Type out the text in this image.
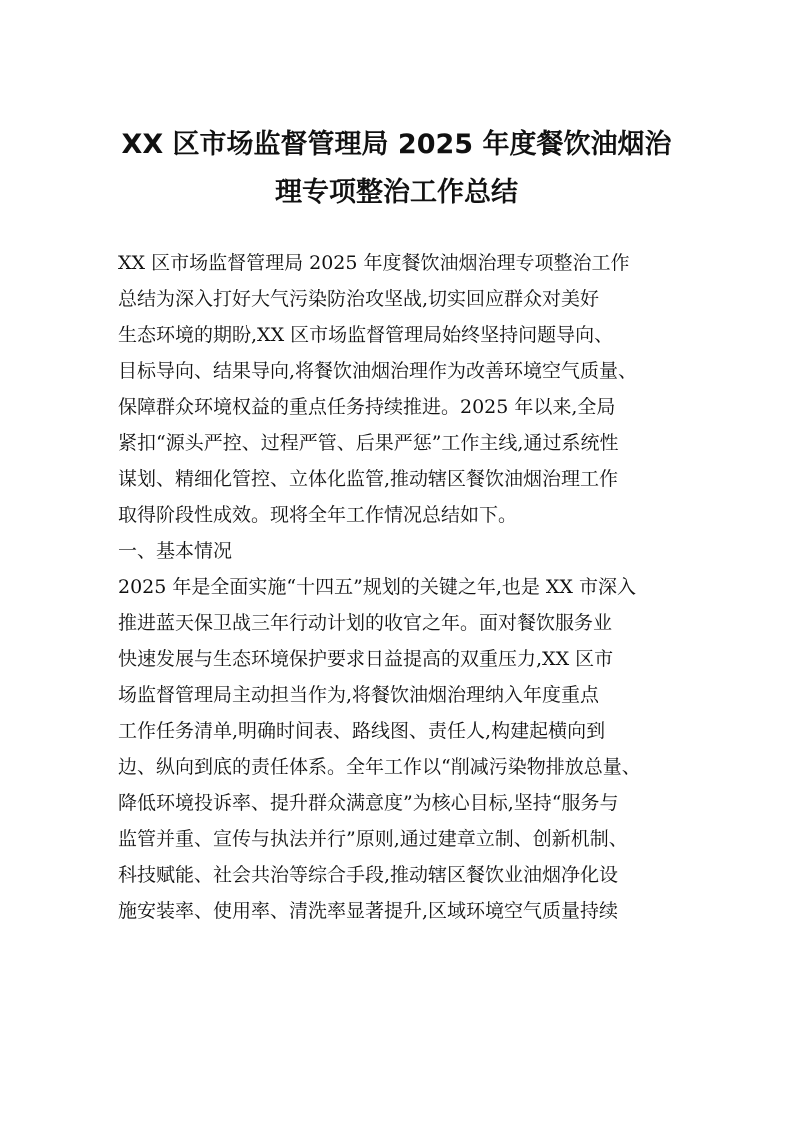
XX 区市场监督管理局 2025 年度餐饮油烟治
理专项整治工作总结
XX 区市场监督管理局 2025 年度餐饮油烟治理专项整治工作
总结为深入打好大气污染防治攻坚战,切实回应群众对美好
生态环境的期盼,XX 区市场监督管理局始终坚持问题导向、
目标导向、结果导向,将餐饮油烟治理作为改善环境空气质量、
保障群众环境权益的重点任务持续推进。2025 年以来,全局
紧扣“源头严控、过程严管、后果严惩”工作主线,通过系统性
谋划、精细化管控、立体化监管,推动辖区餐饮油烟治理工作
取得阶段性成效。现将全年工作情况总结如下。
一、基本情况
2025 年是全面实施“十四五”规划的关键之年,也是 XX 市深入
推进蓝天保卫战三年行动计划的收官之年。面对餐饮服务业
快速发展与生态环境保护要求日益提高的双重压力,XX 区市
场监督管理局主动担当作为,将餐饮油烟治理纳入年度重点
工作任务清单,明确时间表、路线图、责任人,构建起横向到
边、纵向到底的责任体系。全年工作以“削减污染物排放总量、
降低环境投诉率、提升群众满意度”为核心目标,坚持“服务与
监管并重、宣传与执法并行”原则,通过建章立制、创新机制、
科技赋能、社会共治等综合手段,推动辖区餐饮业油烟净化设
施安装率、使用率、清洗率显著提升,区域环境空气质量持续
